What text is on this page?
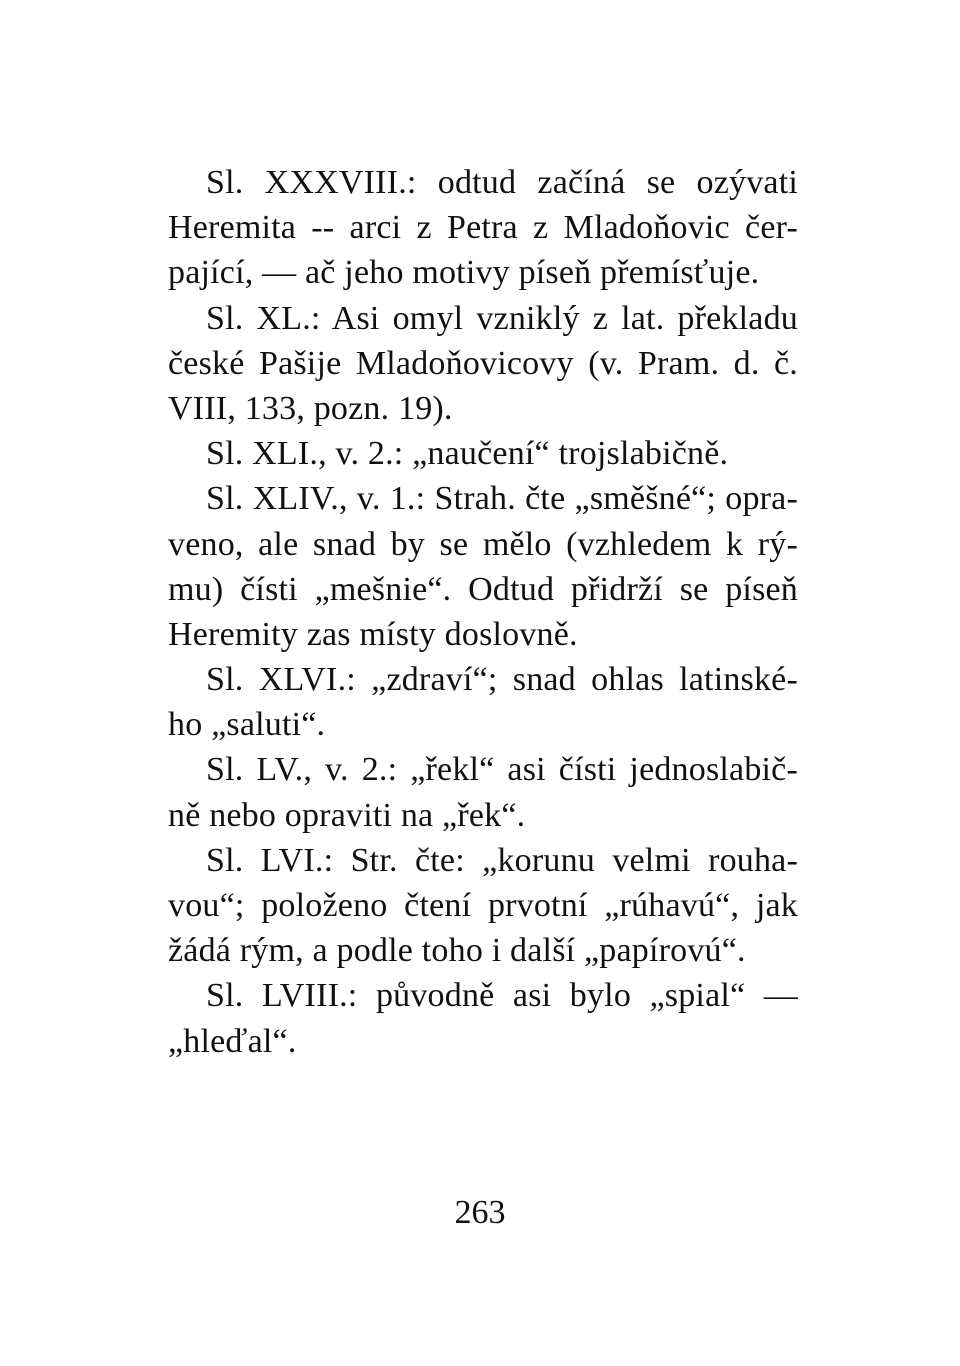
Sl. XXXVIII.: odtud začíná se ozývati
Heremita -- arci z Petra z Mladoňovic čer-
pající, — ač jeho motivy píseň přemísťuje.
Sl. XL.: Asi omyl vzniklý z lat. překladu
české Pašije Mladoňovicovy (v. Pram. d. č.
VIII, 133, pozn. 19).
Sl. XLI., v. 2.: „naučení“ trojslabičně.
Sl. XLIV., v. 1.: Strah. čte „směšné“; opra-
veno, ale snad by se mělo (vzhledem k rý-
mu) čísti „mešnie“. Odtud přidrží se píseň
Heremity zas místy doslovně.
Sl. XLVI.: „zdraví“; snad ohlas latinské-
ho „saluti“.
Sl. LV., v. 2.: „řekl“ asi čísti jednoslabič-
ně nebo opraviti na „řek“.
Sl. LVI.: Str. čte: „korunu velmi rouha-
vou“; položeno čtení prvotní „rúhavú“, jak
žádá rým, a podle toho i další „papírovú“.
Sl. LVIII.: původně asi bylo „spial“ —
„hleďal“.
263
